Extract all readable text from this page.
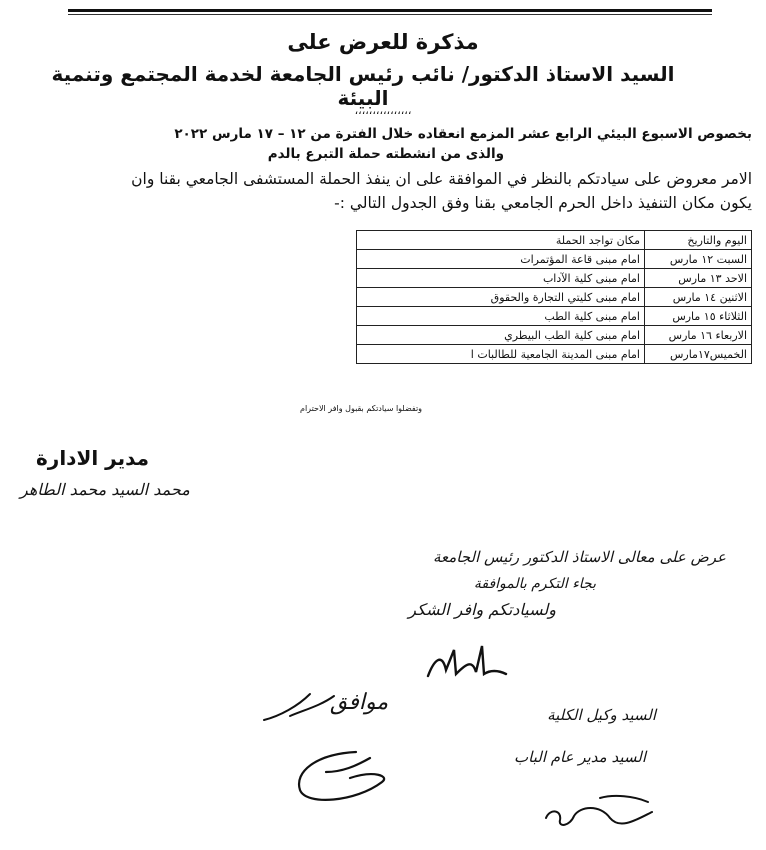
مذكرة للعرض على
السيد الاستاذ الدكتور/ نائب رئيس الجامعة لخدمة المجتمع وتنمية البيئة
،،،،،،،،،،،،،،،،
بخصوص الاسبوع البيئي الرابع عشر المزمع انعقاده خلال الفترة من ١٢ – ١٧ مارس ٢٠٢٢
والذى من انشطته حملة التبرع بالدم
الامر معروض على سيادتكم بالنظر في الموافقة على ان ينفذ الحملة المستشفى الجامعي بقنا وان
يكون مكان التنفيذ داخل الحرم الجامعي بقنا وفق الجدول التالي :-
اليوم والتاريخ	مكان تواجد الحملة
السبت ١٢ مارس	امام مبنى قاعة المؤتمرات
الاحد ١٣ مارس	امام مبنى كلية الآداب
الاثنين ١٤ مارس	امام مبنى كليتي التجارة والحقوق
الثلاثاء ١٥ مارس	امام مبنى كلية الطب
الاربعاء ١٦ مارس	امام مبنى كلية الطب البيطري
الخميس١٧مارس	امام مبنى المدينة الجامعية للطالبات ا
وتفضلوا سيادتكم بقبول وافر الاحترام
مدير الادارة
محمد السيد محمد الطاهر
عرض على معالى الاستاذ الدكتور رئيس الجامعة
بجاء التكرم بالموافقة
ولسيادتكم وافر الشكر
موافق	السيد وكيل الكلية
السيد مدير عام الباب
